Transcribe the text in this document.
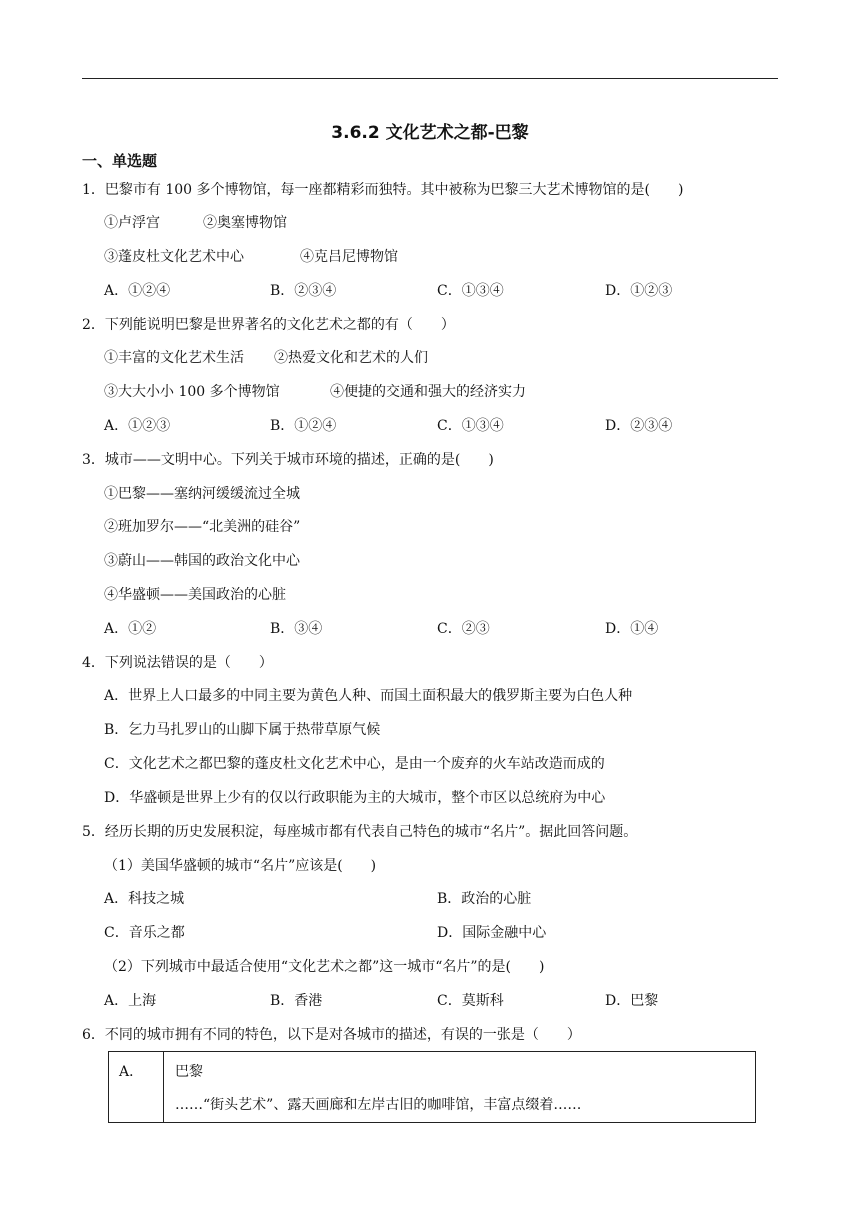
3.6.2 文化艺术之都-巴黎
一、单选题
1．巴黎市有 100 多个博物馆，每一座都精彩而独特。其中被称为巴黎三大艺术博物馆的是(　　)
①卢浮宫	②奥塞博物馆
③蓬皮杜文化艺术中心	④克吕尼博物馆
A．①②④	B．②③④	C．①③④	D．①②③
2．下列能说明巴黎是世界著名的文化艺术之都的有（　　）
①丰富的文化艺术生活 ②热爱文化和艺术的人们
③大大小小 100 多个博物馆	④便捷的交通和强大的经济实力
A．①②③	B．①②④	C．①③④	D．②③④
3．城市——文明中心。下列关于城市环境的描述，正确的是(　　)
①巴黎——塞纳河缓缓流过全城
②班加罗尔——“北美洲的硅谷”
③蔚山——韩国的政治文化中心
④华盛顿——美国政治的心脏
A．①②	B．③④	C．②③	D．①④
4．下列说法错误的是（　　）
A．世界上人口最多的中同主要为黄色人种、而国土面积最大的俄罗斯主要为白色人种
B．乞力马扎罗山的山脚下属于热带草原气候
C．文化艺术之都巴黎的蓬皮杜文化艺术中心，是由一个废弃的火车站改造而成的
D．华盛顿是世界上少有的仅以行政职能为主的大城市，整个市区以总统府为中心
5．经历长期的历史发展积淀，每座城市都有代表自己特色的城市“名片”。据此回答问题。
（1）美国华盛顿的城市“名片”应该是(　　)
A．科技之城	B．政治的心脏
C．音乐之都	D．国际金融中心
（2）下列城市中最适合使用“文化艺术之都”这一城市“名片”的是(　　)
A．上海	B．香港	C．莫斯科	D．巴黎
6．不同的城市拥有不同的特色，以下是对各城市的描述，有误的一张是（　　）
A． 巴黎
……“街头艺术”、露天画廊和左岸古旧的咖啡馆，丰富点缀着……
